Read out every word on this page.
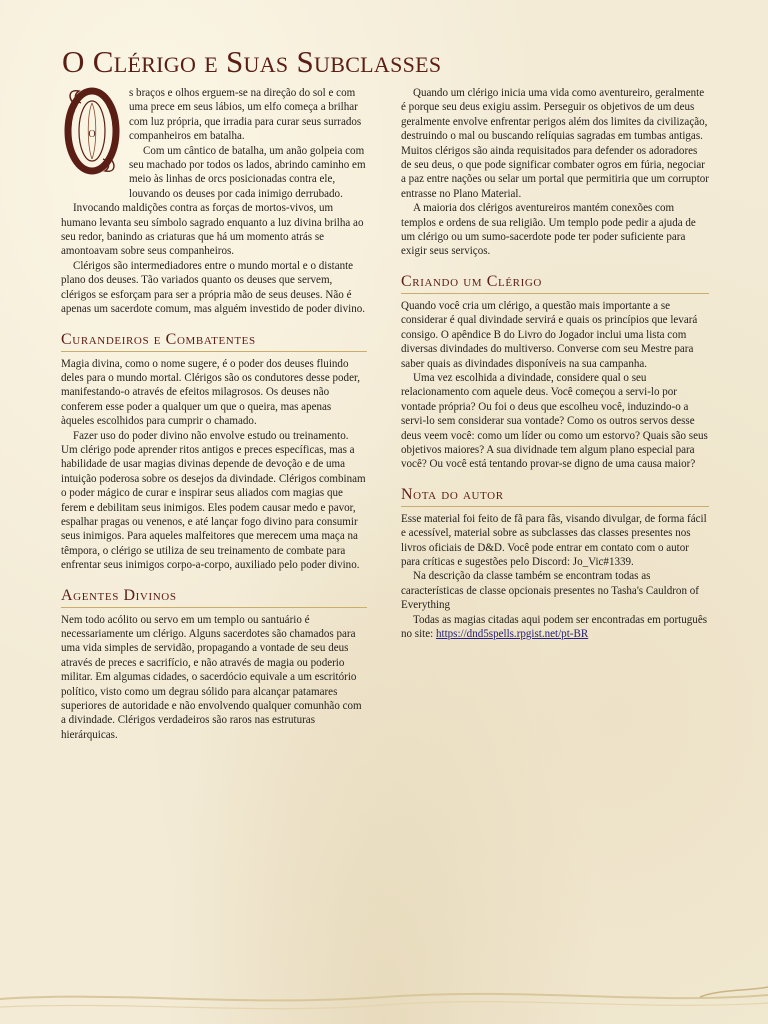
O Clérigo e Suas Subclasses
O

s braços e olhos erguem-se na direção do sol e com uma prece em seus lábios, um elfo começa a brilhar com luz própria, que irradia para curar seus surrados companheiros em batalha.

Com um cântico de batalha, um anão golpeia com seu machado por todos os lados, abrindo caminho em meio às linhas de orcs posicionadas contra ele, louvando os deuses por cada inimigo derrubado.

Invocando maldições contra as forças de mortos-vivos, um humano levanta seu símbolo sagrado enquanto a luz divina brilha ao seu redor, banindo as criaturas que há um momento atrás se amontoavam sobre seus companheiros.

Clérigos são intermediadores entre o mundo mortal e o distante plano dos deuses. Tão variados quanto os deuses que servem, clérigos se esforçam para ser a própria mão de seus deuses. Não é apenas um sacerdote comum, mas alguém investido de poder divino.

Curandeiros e Combatentes

Magia divina, como o nome sugere, é o poder dos deuses fluindo deles para o mundo mortal. Clérigos são os condutores desse poder, manifestando-o através de efeitos milagrosos. Os deuses não conferem esse poder a qualquer um que o queira, mas apenas àqueles escolhidos para cumprir o chamado.

Fazer uso do poder divino não envolve estudo ou treinamento. Um clérigo pode aprender ritos antigos e preces específicas, mas a habilidade de usar magias divinas depende de devoção e de uma intuição poderosa sobre os desejos da divindade. Clérigos combinam o poder mágico de curar e inspirar seus aliados com magias que ferem e debilitam seus inimigos. Eles podem causar medo e pavor, espalhar pragas ou venenos, e até lançar fogo divino para consumir seus inimigos. Para aqueles malfeitores que merecem uma maça na têmpora, o clérigo se utiliza de seu treinamento de combate para enfrentar seus inimigos corpo-a-corpo, auxiliado pelo poder divino.

Agentes Divinos

Nem todo acólito ou servo em um templo ou santuário é necessariamente um clérigo. Alguns sacerdotes são chamados para uma vida simples de servidão, propagando a vontade de seu deus através de preces e sacrifício, e não através de magia ou poderio militar. Em algumas cidades, o sacerdócio equivale a um escritório político, visto como um degrau sólido para alcançar patamares superiores de autoridade e não envolvendo qualquer comunhão com a divindade. Clérigos verdadeiros são raros nas estruturas hierárquicas.

Quando um clérigo inicia uma vida como aventureiro, geralmente é porque seu deus exigiu assim. Perseguir os objetivos de um deus geralmente envolve enfrentar perigos além dos limites da civilização, destruindo o mal ou buscando relíquias sagradas em tumbas antigas. Muitos clérigos são ainda requisitados para defender os adoradores de seu deus, o que pode significar combater ogros em fúria, negociar a paz entre nações ou selar um portal que permitiria que um corruptor entrasse no Plano Material.

A maioria dos clérigos aventureiros mantém conexões com templos e ordens de sua religião. Um templo pode pedir a ajuda de um clérigo ou um sumo-sacerdote pode ter poder suficiente para exigir seus serviços.

Criando um Clérigo

Quando você cria um clérigo, a questão mais importante a se considerar é qual divindade servirá e quais os princípios que levará consigo. O apêndice B do Livro do Jogador inclui uma lista com diversas divindades do multiverso. Converse com seu Mestre para saber quais as divindades disponíveis na sua campanha.

Uma vez escolhida a divindade, considere qual o seu relacionamento com aquele deus. Você começou a servi-lo por vontade própria? Ou foi o deus que escolheu você, induzindo-o a servi-lo sem considerar sua vontade? Como os outros servos desse deus veem você: como um líder ou como um estorvo? Quais são seus objetivos maiores? A sua dividnade tem algum plano especial para você? Ou você está tentando provar-se digno de uma causa maior?

Nota do autor

Esse material foi feito de fã para fãs, visando divulgar, de forma fácil e acessível, material sobre as subclasses das classes presentes nos livros oficiais de D&D. Você pode entrar em contato com o autor para críticas e sugestões pelo Discord: Jo_Vic#1339.

Na descrição da classe também se encontram todas as características de classe opcionais presentes no Tasha's Cauldron of Everything

Todas as magias citadas aqui podem ser encontradas em português no site: https://dnd5spells.rpgist.net/pt-BR
